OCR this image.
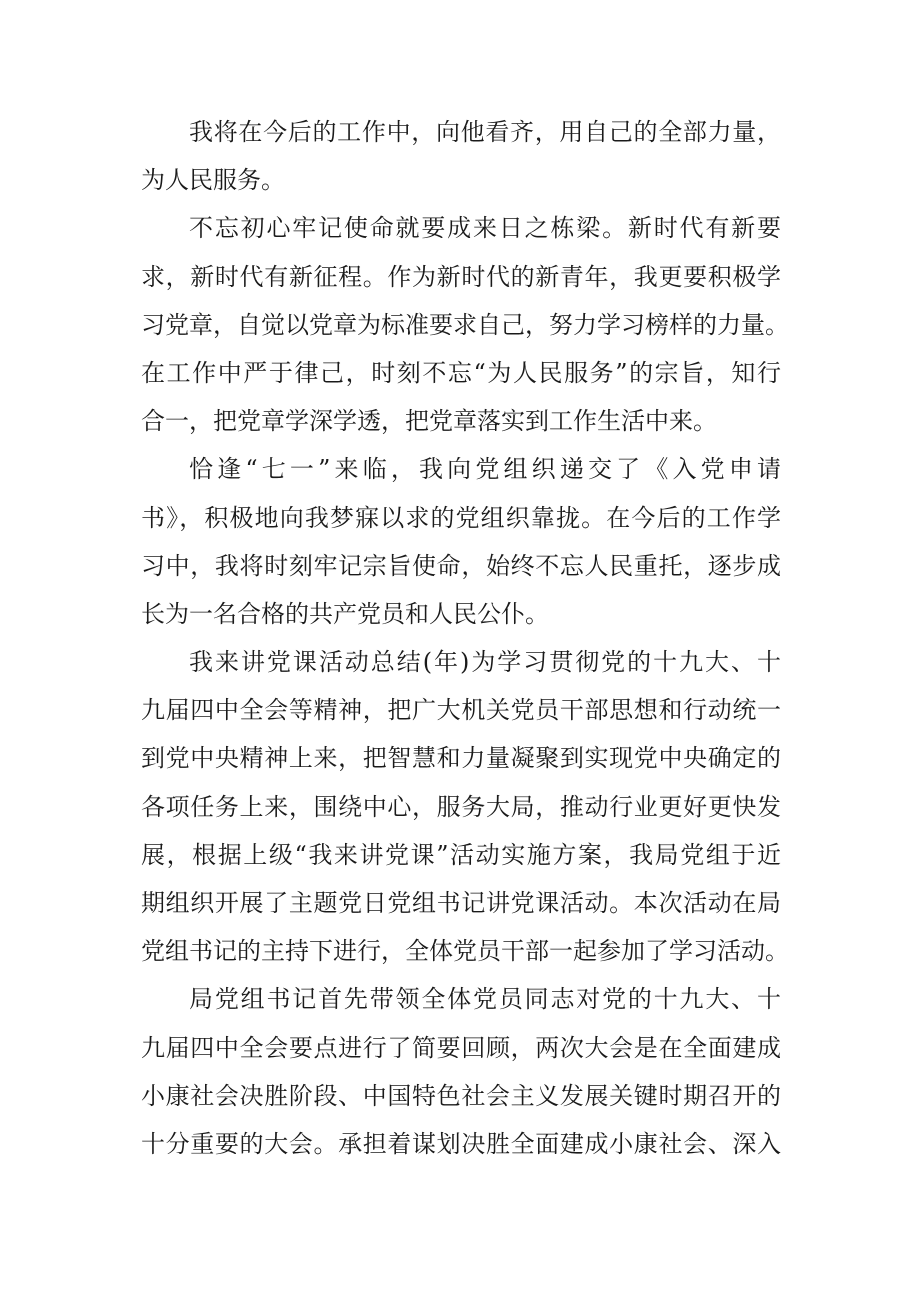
我将在今后的工作中，向他看齐，用自己的全部力量，
为人民服务。
不忘初心牢记使命就要成来日之栋梁。新时代有新要
求，新时代有新征程。作为新时代的新青年，我更要积极学
习党章，自觉以党章为标准要求自己，努力学习榜样的力量。
在工作中严于律己，时刻不忘“为人民服务”的宗旨，知行
合一，把党章学深学透，把党章落实到工作生活中来。
恰逢“七一”来临，我向党组织递交了《入党申请
书》，积极地向我梦寐以求的党组织靠拢。在今后的工作学
习中，我将时刻牢记宗旨使命，始终不忘人民重托，逐步成
长为一名合格的共产党员和人民公仆。
我来讲党课活动总结(年)为学习贯彻党的十九大、十
九届四中全会等精神，把广大机关党员干部思想和行动统一
到党中央精神上来，把智慧和力量凝聚到实现党中央确定的
各项任务上来，围绕中心，服务大局，推动行业更好更快发
展，根据上级“我来讲党课”活动实施方案，我局党组于近
期组织开展了主题党日党组书记讲党课活动。本次活动在局
党组书记的主持下进行，全体党员干部一起参加了学习活动。
局党组书记首先带领全体党员同志对党的十九大、十
九届四中全会要点进行了简要回顾，两次大会是在全面建成
小康社会决胜阶段、中国特色社会主义发展关键时期召开的
十分重要的大会。承担着谋划决胜全面建成小康社会、深入
